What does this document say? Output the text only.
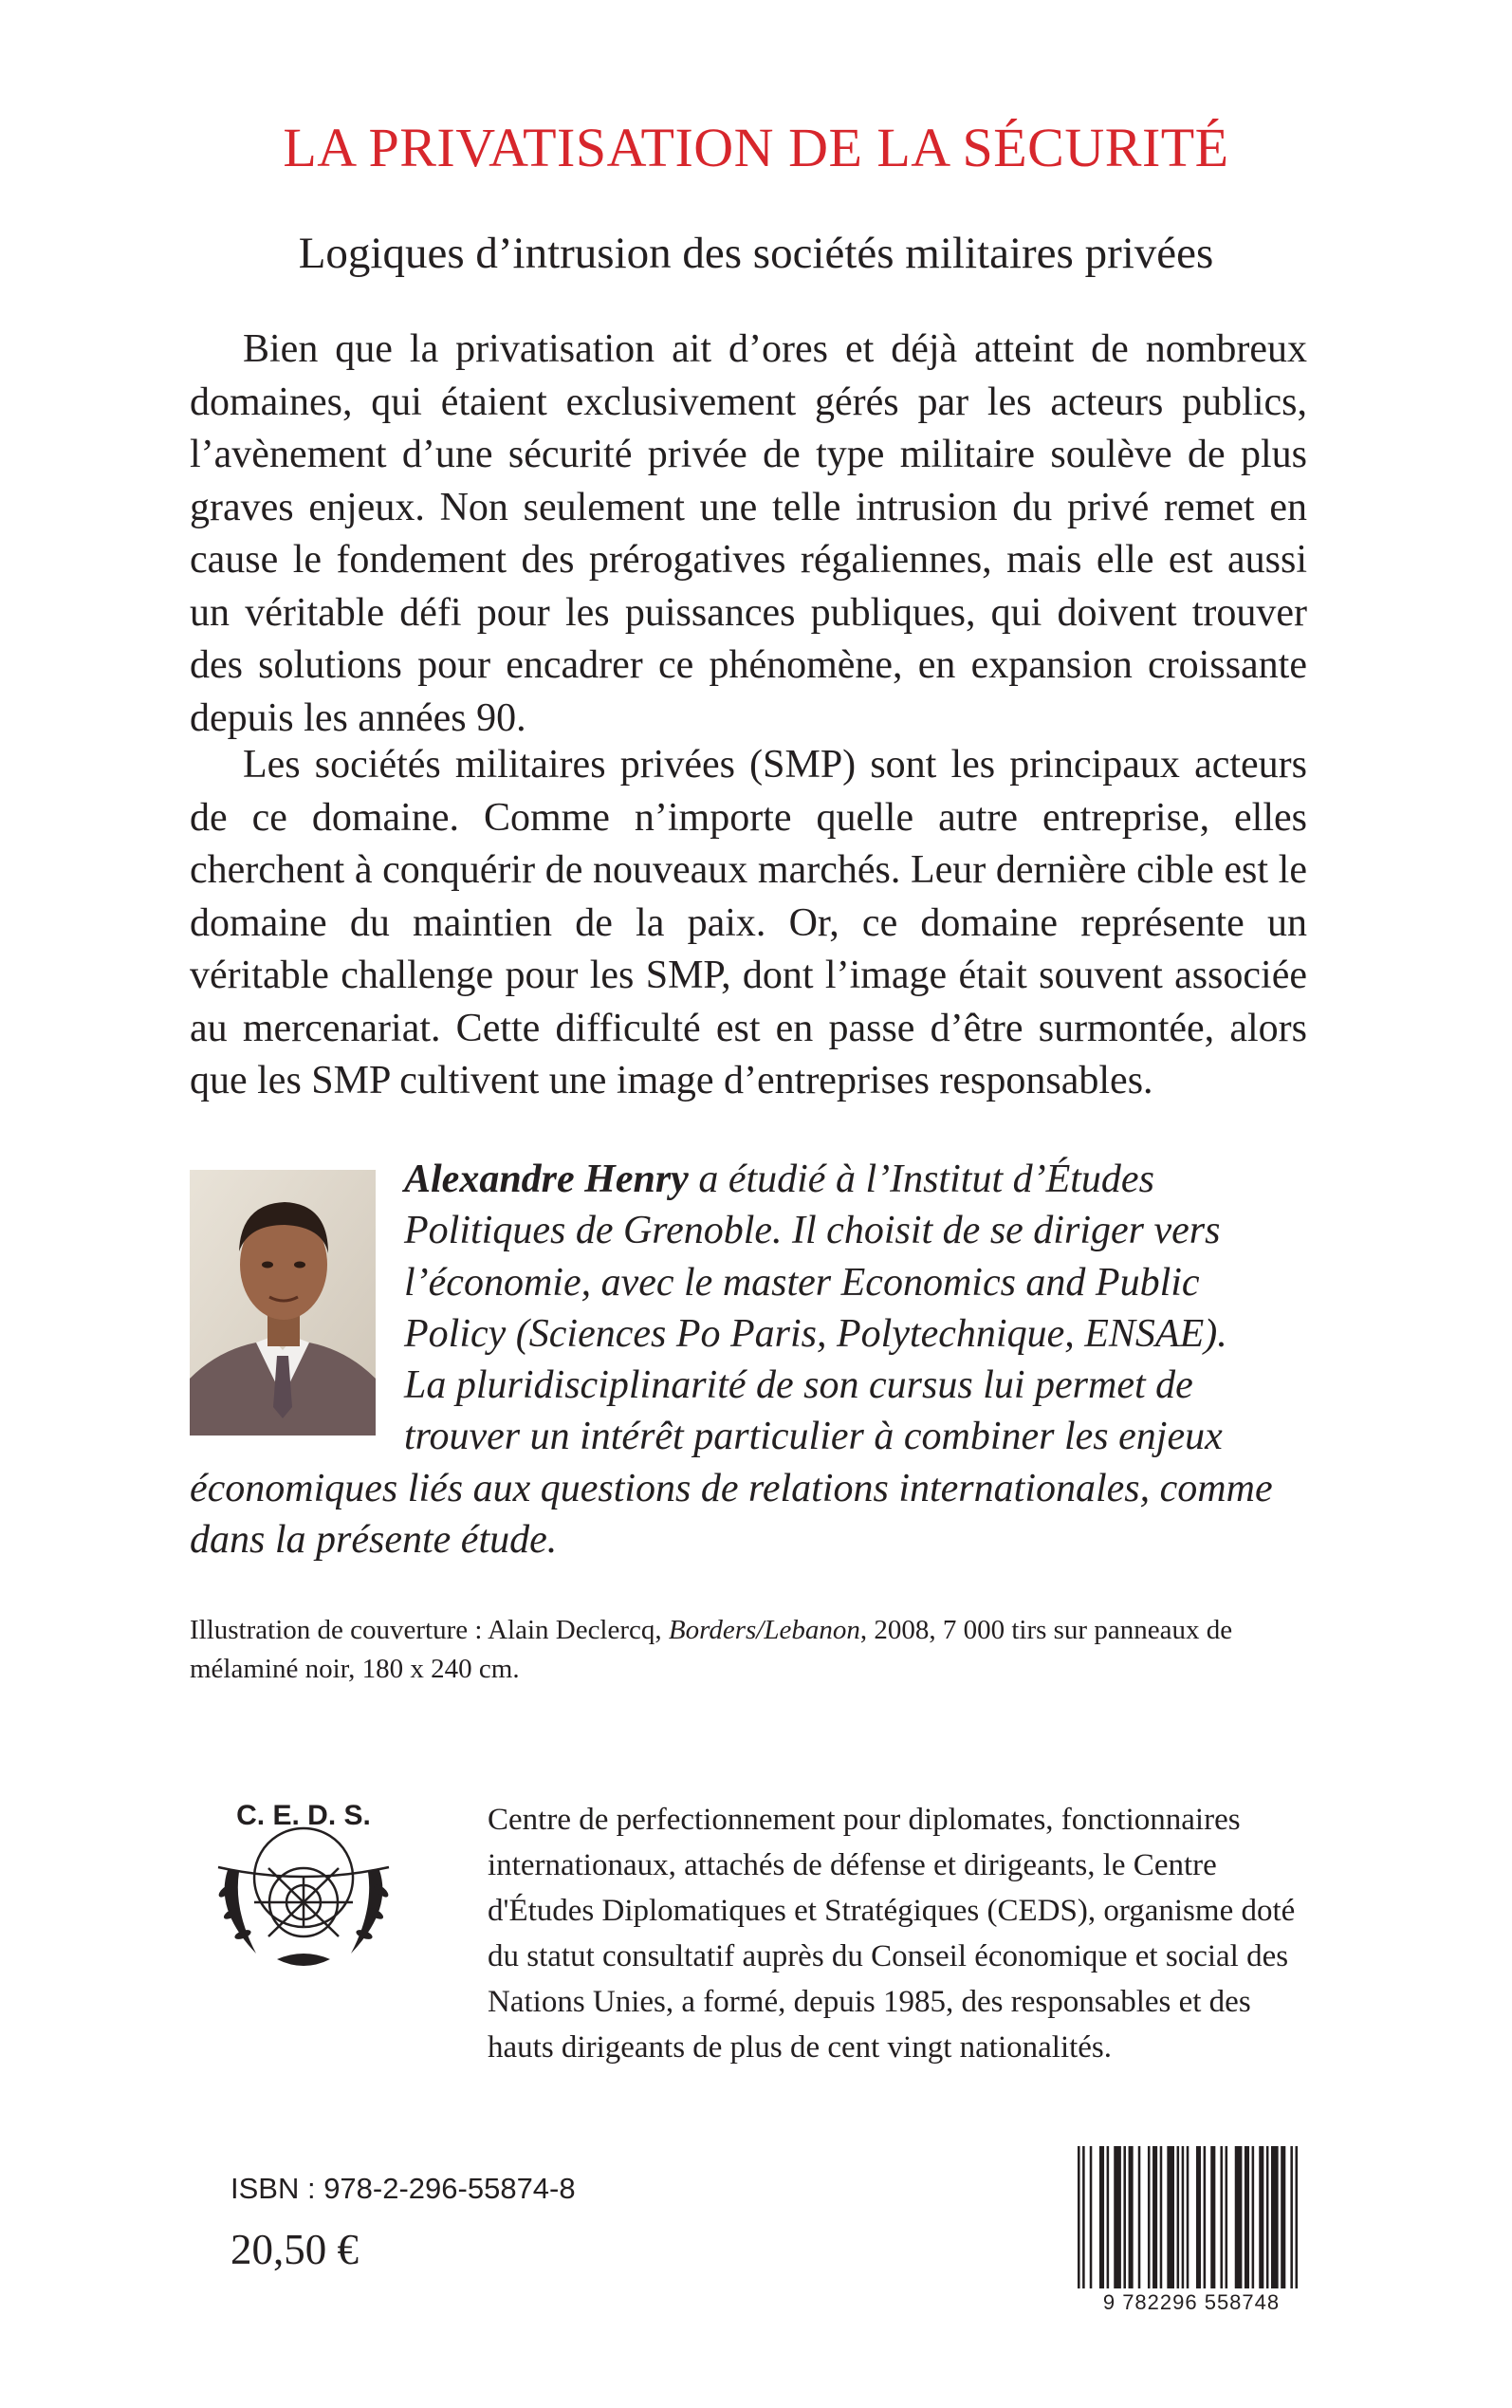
LA PRIVATISATION DE LA SÉCURITÉ
Logiques d’intrusion des sociétés militaires privées

Bien que la privatisation ait d’ores et déjà atteint de nombreux domaines, qui étaient exclusivement gérés par les acteurs publics, l’avènement d’une sécurité privée de type militaire soulève de plus graves enjeux. Non seulement une telle intrusion du privé remet en cause le fondement des prérogatives régaliennes, mais elle est aussi un véritable défi pour les puissances publiques, qui doivent trouver des solutions pour encadrer ce phénomène, en expansion croissante depuis les années 90.

Les sociétés militaires privées (SMP) sont les principaux acteurs de ce domaine. Comme n’importe quelle autre entreprise, elles cherchent à conquérir de nouveaux marchés. Leur dernière cible est le domaine du maintien de la paix. Or, ce domaine représente un véritable challenge pour les SMP, dont l’image était souvent associée au mercenariat. Cette difficulté est en passe d’être surmontée, alors que les SMP cultivent une image d’entreprises responsables.

Alexandre Henry a étudié à l’Institut d’Études Politiques de Grenoble. Il choisit de se diriger vers l’économie, avec le master Economics and Public Policy (Sciences Po Paris, Polytechnique, ENSAE).
La pluridisciplinarité de son cursus lui permet de trouver un intérêt particulier à combiner les enjeux économiques liés aux questions de relations internationales, comme dans la présente étude.

Illustration de couverture : Alain Declercq, Borders/Lebanon, 2008, 7 000 tirs sur panneaux de mélaminé noir, 180 x 240 cm.

C. E. D. S.	Centre de perfectionnement pour diplomates, fonctionnaires internationaux, attachés de défense et dirigeants, le Centre d'Études Diplomatiques et Stratégiques (CEDS), organisme doté du statut consultatif auprès du Conseil économique et social des Nations Unies, a formé, depuis 1985, des responsables et des hauts dirigeants de plus de cent vingt nationalités.

ISBN : 978-2-296-55874-8
20,50 €
9 782296 558748
